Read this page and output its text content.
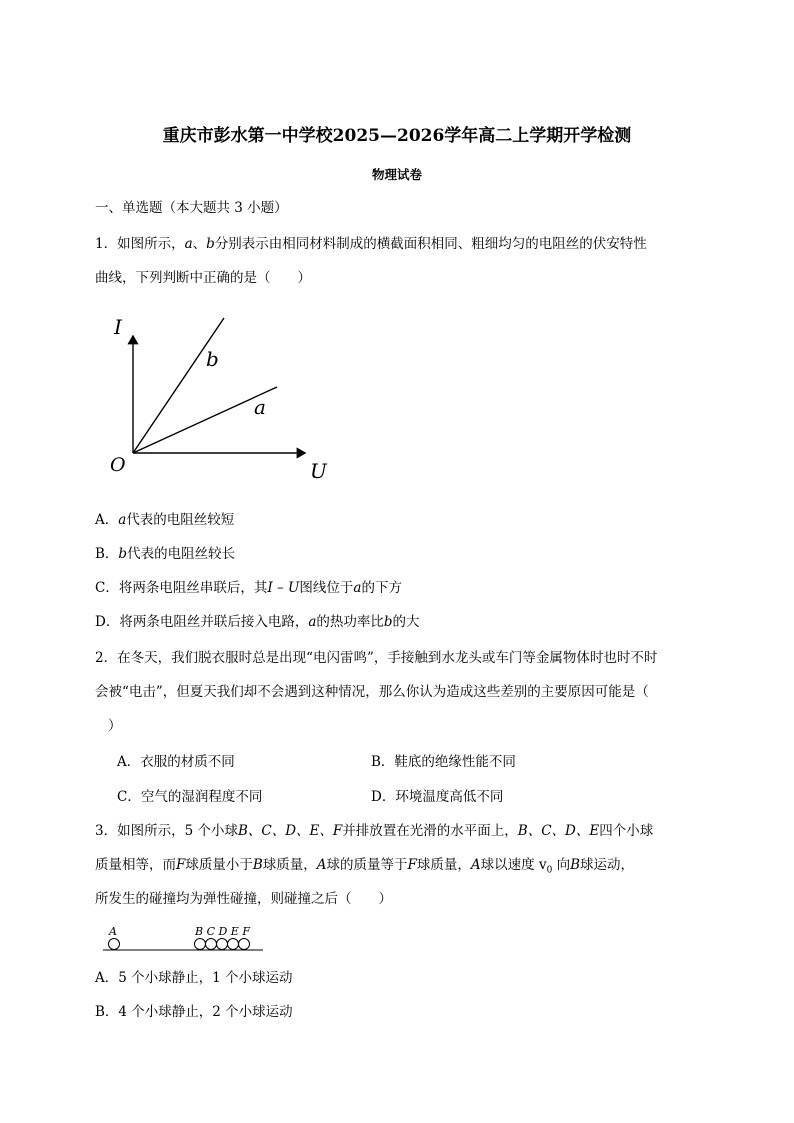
重庆市彭水第一中学校2025—2026学年高二上学期开学检测
物理试卷
一、单选题（本大题共 3 小题）
1．如图所示，a、b分别表示由相同材料制成的横截面积相同、粗细均匀的电阻丝的伏安特性
曲线，下列判断中正确的是（　　）
I
U
O
b
a
A．a代表的电阻丝较短
B．b代表的电阻丝较长
C．将两条电阻丝串联后，其I – U图线位于a的下方
D．将两条电阻丝并联后接入电路，a的热功率比b的大
2．在冬天，我们脱衣服时总是出现“电闪雷鸣”，手接触到水龙头或车门等金属物体时也时不时
会被“电击”，但夏天我们却不会遇到这种情况，那么你认为造成这些差别的主要原因可能是（
）
A．衣服的材质不同	B．鞋底的绝缘性能不同
C．空气的湿润程度不同	D．环境温度高低不同
3．如图所示，5 个小球B、C、D、E、F并排放置在光滑的水平面上，B、C、D、E四个小球
质量相等，而F球质量小于B球质量，A球的质量等于F球质量，A球以速度 $v_0$ 向B球运动，
所发生的碰撞均为弹性碰撞，则碰撞之后（　　）
A	B C D E F
A．5 个小球静止，1 个小球运动
B．4 个小球静止，2 个小球运动
